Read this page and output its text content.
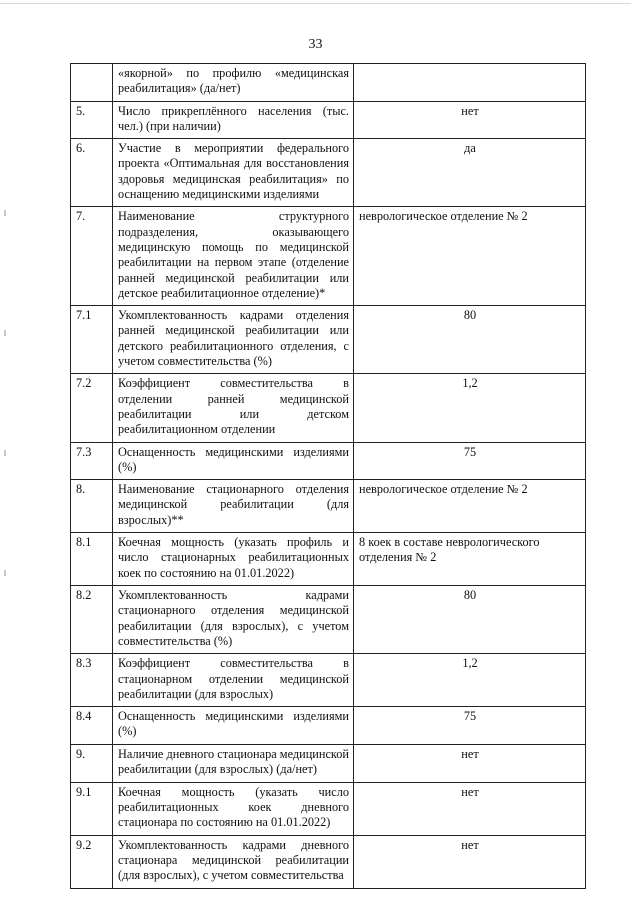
33
	«якорной» по профилю «медицинская реабилитация» (да/нет)	
5.	Число прикреплённого населения (тыс. чел.) (при наличии)	нет
6.	Участие в мероприятии федерального проекта «Оптимальная для восстановления здоровья медицинская реабилитация» по оснащению медицинскими изделиями	да
7.	Наименование структурного подразделения, оказывающего медицинскую помощь по медицинской реабилитации на первом этапе (отделение ранней медицинской реабилитации или детское реабилитационное отделение)*	неврологическое отделение № 2
7.1	Укомплектованность кадрами отделения ранней медицинской реабилитации или детского реабилитационного отделения, с учетом совместительства (%)	80
7.2	Коэффициент совместительства в отделении ранней медицинской реабилитации или детском реабилитационном отделении	1,2
7.3	Оснащенность медицинскими изделиями (%)	75
8.	Наименование стационарного отделения медицинской реабилитации (для взрослых)**	неврологическое отделение № 2
8.1	Коечная мощность (указать профиль и число стационарных реабилитационных коек по состоянию на 01.01.2022)	8 коек в составе неврологического отделения № 2
8.2	Укомплектованность кадрами стационарного отделения медицинской реабилитации (для взрослых), с учетом совместительства (%)	80
8.3	Коэффициент совместительства в стационарном отделении медицинской реабилитации (для взрослых)	1,2
8.4	Оснащенность медицинскими изделиями (%)	75
9.	Наличие дневного стационара медицинской реабилитации (для взрослых) (да/нет)	нет
9.1	Коечная мощность (указать число реабилитационных коек дневного стационара по состоянию на 01.01.2022)	нет
9.2	Укомплектованность кадрами дневного стационара медицинской реабилитации (для взрослых), с учетом совместительства	нет
